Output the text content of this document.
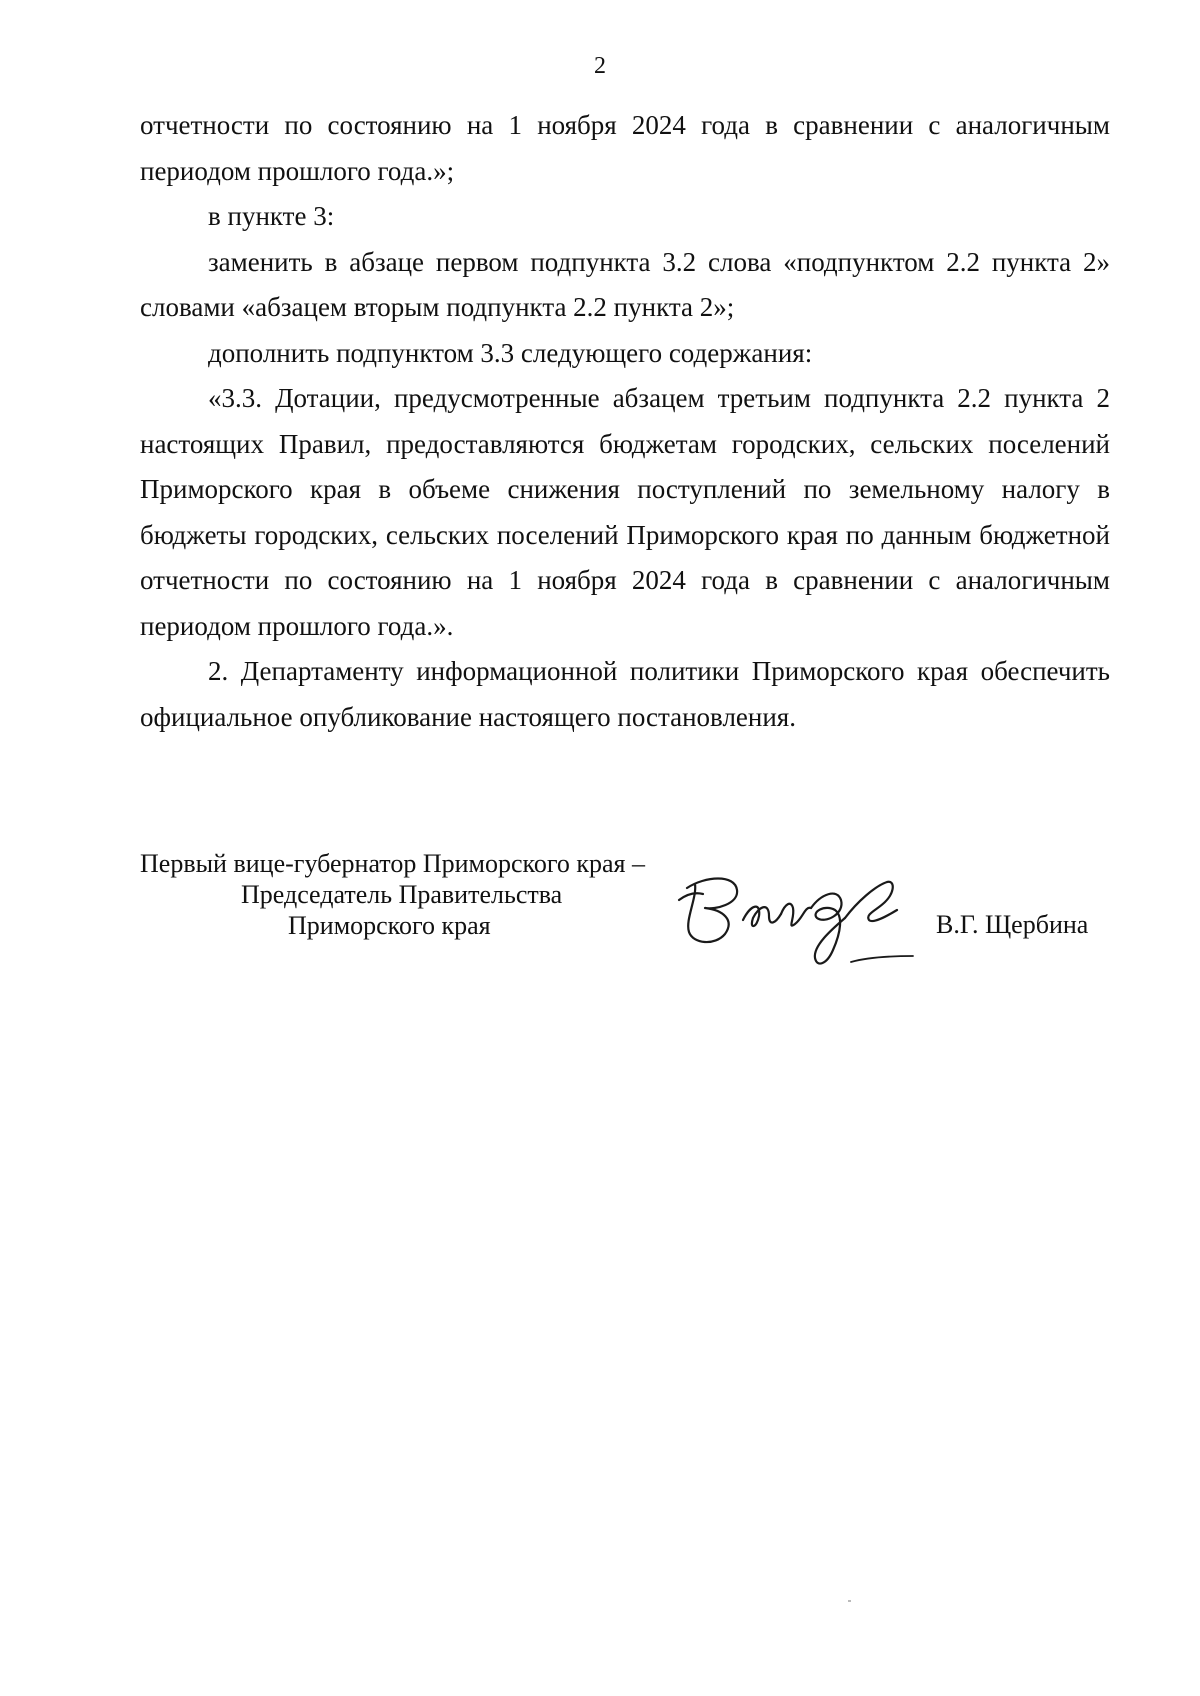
2

отчетности по состоянию на 1 ноября 2024 года в сравнении с аналогичным периодом прошлого года.»;

в пункте 3:

заменить в абзаце первом подпункта 3.2 слова «подпунктом 2.2 пункта 2» словами «абзацем вторым подпункта 2.2 пункта 2»;

дополнить подпунктом 3.3 следующего содержания:

«3.3. Дотации, предусмотренные абзацем третьим подпункта 2.2 пункта 2 настоящих Правил, предоставляются бюджетам городских, сельских поселений Приморского края в объеме снижения поступлений по земельному налогу в бюджеты городских, сельских поселений Приморского края по данным бюджетной отчетности по состоянию на 1 ноября 2024 года в сравнении с аналогичным периодом прошлого года.».

2. Департаменту информационной политики Приморского края обеспечить официальное опубликование настоящего постановления.

Первый вице-губернатор Приморского края –
Председатель Правительства
Приморского края	В.Г. Щербина
